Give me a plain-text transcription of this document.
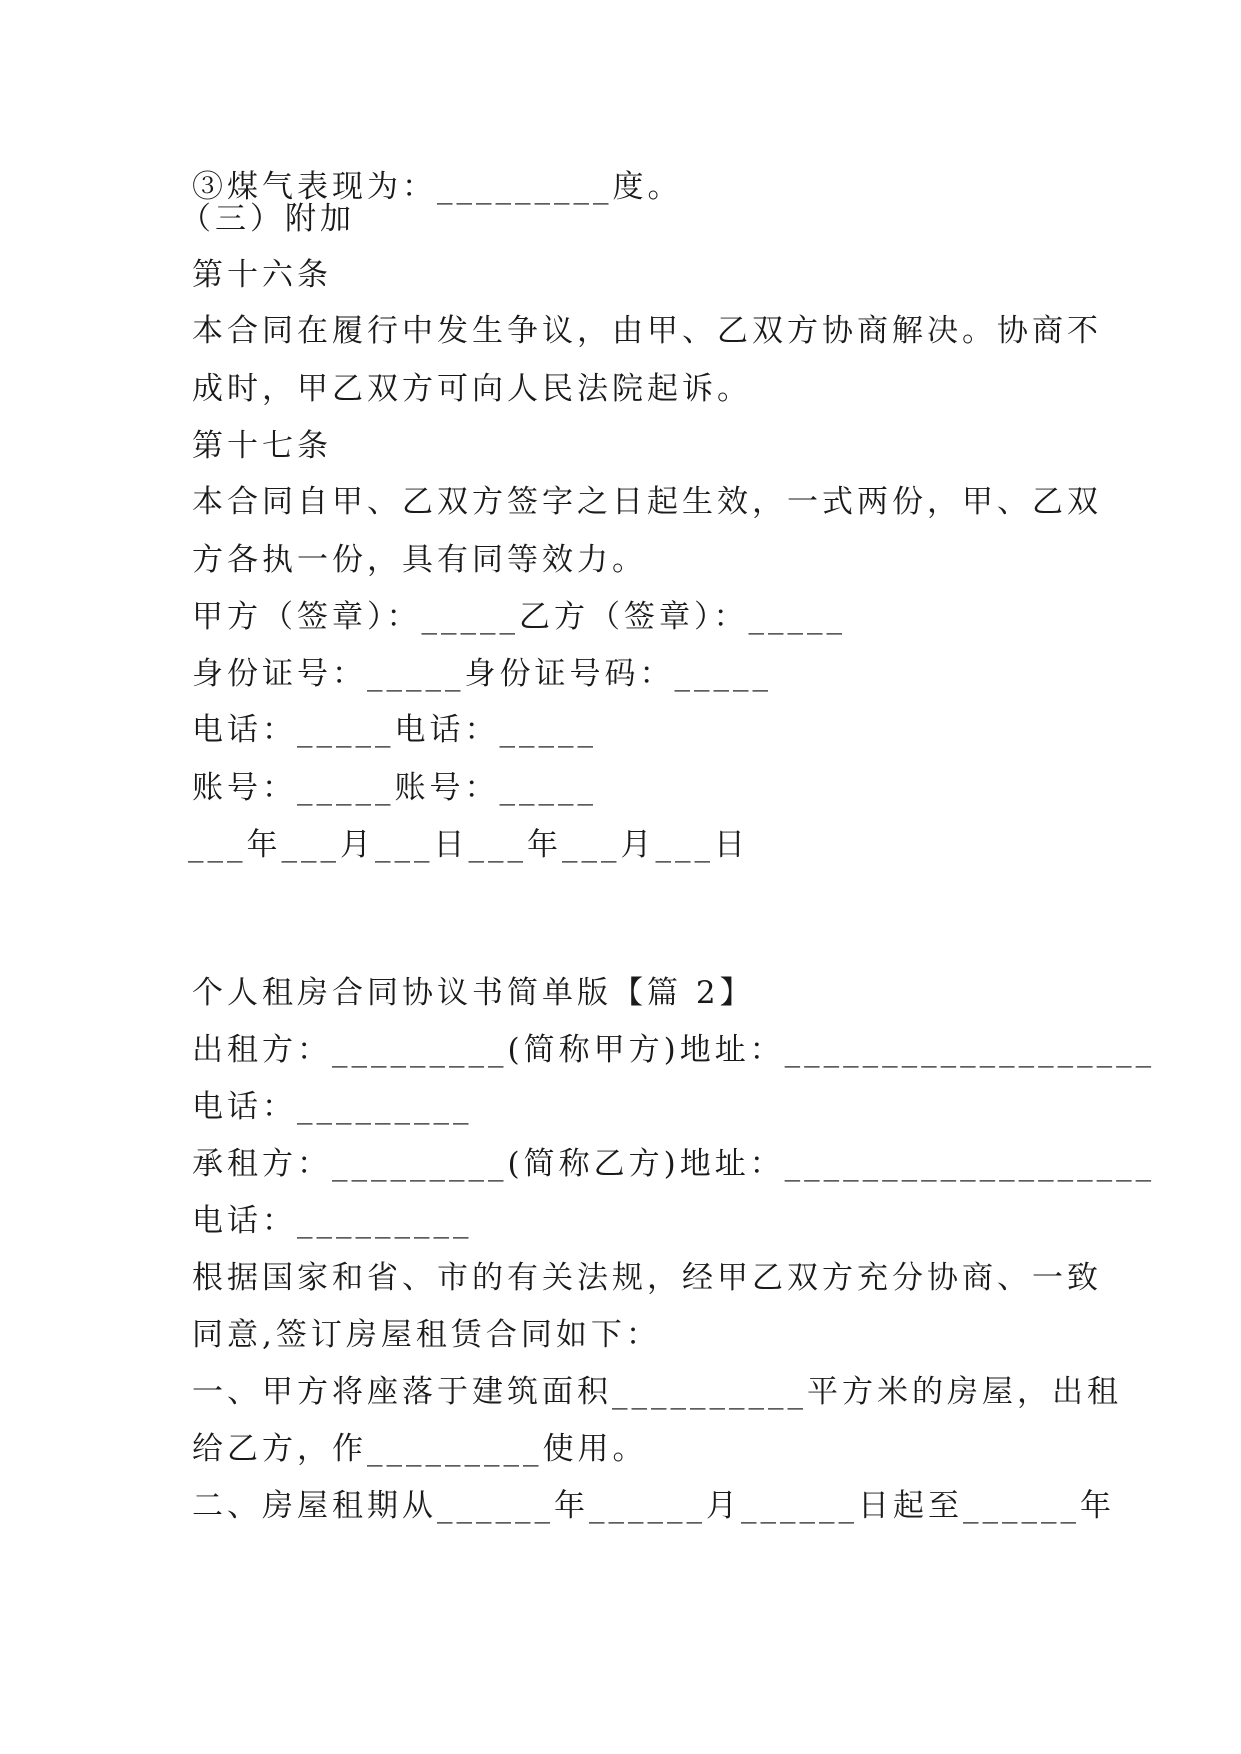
③煤气表现为：_________度。

（三）附加

第十六条

本合同在履行中发生争议，由甲、乙双方协商解决。协商不

成时，甲乙双方可向人民法院起诉。

第十七条

本合同自甲、乙双方签字之日起生效，一式两份，甲、乙双

方各执一份，具有同等效力。

甲方（签章）：_____乙方（签章）：_____

身份证号：_____身份证号码：_____

电话：_____电话：_____

账号：_____账号：_____

___年___月___日___年___月___日

个人租房合同协议书简单版【篇 2】

出租方：_________(简称甲方)地址：___________________

电话：_________

承租方：_________(简称乙方)地址：___________________

电话：_________

根据国家和省、市的有关法规，经甲乙双方充分协商、一致

同意,签订房屋租赁合同如下：

一、甲方将座落于建筑面积__________平方米的房屋，出租

给乙方，作_________使用。

二、房屋租期从______年______月______日起至______年
